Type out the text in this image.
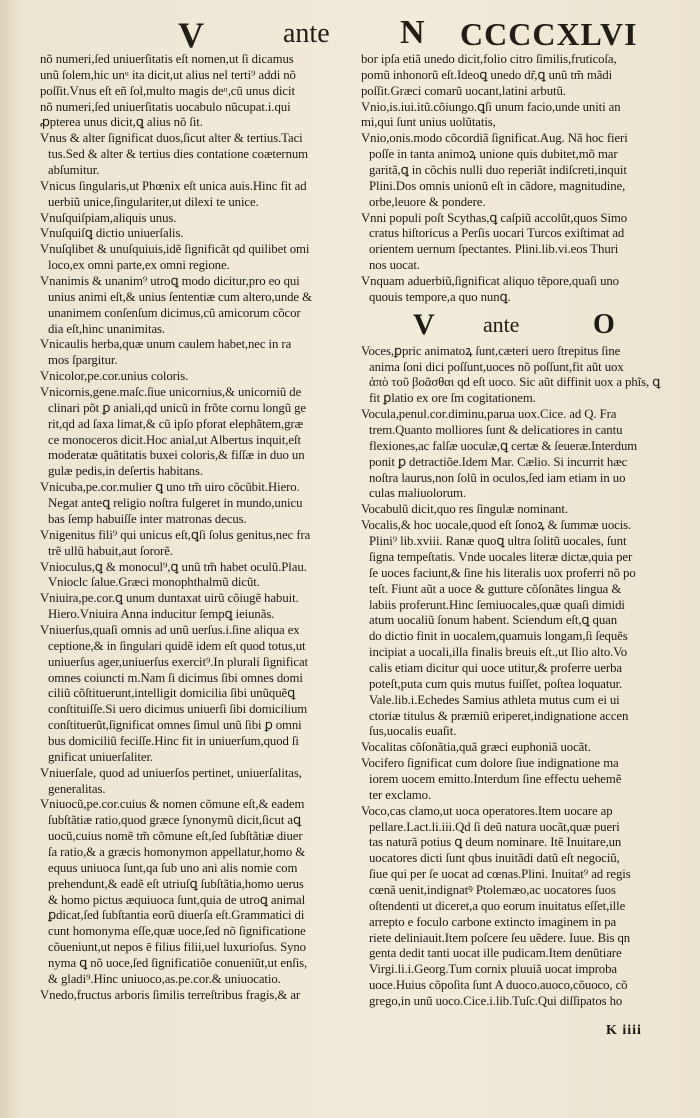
V	ante N CCCCXLVI
nõ numeri,ſed uniuerſitatis eſt nomen,ut ſi dicamus
unũ ſolem,hic unᵘ ita dicit,ut alius nel terti⁹ addi nõ
poſſit.Vnus eſt eñ ſol,multo magis deᵘ,cũ unus dicit
nõ numeri,ſed uniuerſitatis uocabulo nũcupat.i.qui
ꝓpterea unus dicit,ꝗ alius nõ ſit.
Vnus & alter ſignificat duos,ſicut alter & tertius.Taci
tus.Sed & alter & tertius dies contatione coæternum
abſumitur.
Vnicus ſingularis,ut Phœnix eſt unica auis.Hinc fit ad
uerbiũ unice,ſingulariter,ut dilexi te unice.
Vnuſquiſpiam,aliquis unus.
Vnuſquiſꝗ dictio uniuerſalis.
Vnuſqlibet & unuſquiuis,idẽ ſignificãt qd quilibet omi
loco,ex omni parte,ex omni regione.
Vnanimis & unanim⁹ utroꝗ modo dicitur,pro eo qui
unius animi eſt,& unius ſententiæ cum altero,unde &
unanimem conſenſum dicimus,cũ amicorum cõcor
dia eſt,hinc unanimitas.
Vnicaulis herba,quæ unum caulem habet,nec in ra
mos ſpargitur.
Vnicolor,pe.cor.unius coloris.
Vnicornis,gene.maſc.ſiue unicornius,& unicorniũ de
clinari põt ꝑ aniali,qd unicũ in frõte cornu longũ ge
rit,qd ad ſaxa limat,& cũ ipſo pforat elephãtem,græ
ce monoceros dicit.Hoc anial,ut Albertus inquit,eſt
moderatæ quãtitatis buxei coloris,& fiſſæ in duo un
gulæ pedis,in deſertis habitans.
Vnicuba,pe.cor.mulier ꝗ uno tm̃ uiro cõcũbit.Hiero.
Negat anteꝗ religio noſtra fulgeret in mundo,unicu
bas ſemp habuiſſe inter matronas decus.
Vnigenitus fili⁹ qui unicus eſt,ꝗſi ſolus genitus,nec fra
trẽ ullũ habuit,aut ſororẽ.
Vnioculus,ꝗ & monocul⁹,ꝗ unũ tm̃ habet oculũ.Plau.
Vnioclc ſalue.Græci monophthalmũ dicũt.
Vniuira,pe.cor.ꝗ unum duntaxat uirũ cõiugẽ habuit.
Hiero.Vniuira Anna inducitur ſempꝗ ieiunãs.
Vniuerſus,quaſi omnis ad unũ uerſus.i.ſine aliqua ex
ceptione,& in ſingulari quidẽ idem eſt quod totus,ut
uniuerſus ager,uniuerſus exercit⁹.In pluralí ſignificat
omnes coiuncti m.Nam ſi dicimus ſibi omnes domi
ciliũ cõſtituerunt,intelligit domicilia ſibi unũquẽꝗ
conſtituiſſe.Si uero dicimus uniuerſi ſibi domicilium
conſtituerũt,ſignificat omnes ſimul unũ ſibi ꝑ omni
bus domiciliũ feciſſe.Hinc fit in uniuerſum,quod ſi
gnificat uniuerſaliter.
Vniuerſale, quod ad uniuerſos pertinet, uniuerſalitas,
generalitas.
Vniuocũ,pe.cor.cuius & nomen cõmune eſt,& eadem
ſubſtãtiæ ratio,quod græce ſynonymũ dicit,ſicut aꝗ
uocũ,cuius nomẽ tm̃ cõmune eſt,ſed ſubſtãtiæ diuer
ſa ratio,& a græcis homonymon appellatur,homo &
equus uniuoca ſunt,qa ſub uno ani alis nomie com
prehendunt,& eadẽ eſt utriuſꝗ ſubſtãtia,homo uerus
& homo pictus æquiuoca ſunt,quia de utroꝗ animal
ꝑdicat,ſed ſubſtantia eorũ diuerſa eſt.Grammatici di
cunt homonyma eſſe,quæ uoce,ſed nõ ſignificatione
cõueniunt,ut nepos ē filius filii,uel luxurioſus. Syno
nyma ꝗ nõ uoce,ſed ſignificatiõe conueniũt,ut enſis,
& gladi⁹.Hinc uniuoco,as.pe.cor.& uniuocatio.
Vnedo,fructus arboris ſimilis terreſtribus fragis,& ar
bor ipſa etiã unedo dicit,folio citro ſimilis,fruticoſa,
pomũ inhonorũ eſt.Ideoꝗ unedo dr̃,ꝗ unũ tm̃ mãdi
poſſit.Græci comarũ uocant,latini arbutũ.
Vnio,is.iui.itũ.cõiungo.ꝗſi unum facio,unde uniti an
mi,qui ſunt unius uolũtatis,
Vnio,onis.modo cõcordiã ſignificat.Aug. Nã hoc fieri
poſſe in tanta animoꝝ unione quis dubitet,mõ mar
garitã,ꝗ in cõchis nulli duo reperiãt indiſcreti,inquit
Plini.Dos omnis unionũ eſt in cãdore, magnitudine,
orbe,leuore & pondere.
Vnni populi poſt Scythas,ꝗ caſpiũ accolũt,quos Simo
cratus hiſtoricus a Perſis uocari Turcos exiſtimat ad
orientem uernum ſpectantes. Plini.lib.vi.eos Thuri
nos uocat.
Vnquam aduerbiũ,ſignificat aliquo tẽpore,quaſi uno
quouis tempore,a quo nunꝗ.
V	ante	O
Voces,ꝑpric animatoꝝ ſunt,cæteri uero ſtrepitus ſine
anima ſoni dici poſſunt,uoces nõ poſſunt,fit aũt uox
ἀπὸ τοῦ βοᾶσθαι qd eſt uoco. Sic aũt diffinit uox a phĩs, ꝗ
fit ꝑlatio ex ore ſm cogitationem.
Vocula,penul.cor.diminu,parua uox.Cice. ad Q. Fra
trem.Quanto molliores ſunt & delicatiores in cantu
flexiones,ac falſæ uoculæ,ꝗ certæ & ſeueræ.Interdum
ponit ꝑ detractiõe.Idem Mar. Cælio. Si incurrit hæc
noſtra laurus,non ſolũ in oculos,ſed iam etiam in uo
culas maliuolorum.
Vocabulũ dicit,quo res ſingulæ nominant.
Vocalis,& hoc uocale,quod eſt ſonoꝝ & ſummæ uocis.
Plini⁹ lib.xviii. Ranæ quoꝗ ultra ſolitũ uocales, ſunt
ſigna tempeſtatis. Vnde uocales literæ dictæ,quia per
ſe uoces faciunt,& ſine his literalis uox proferri nõ po
teſt. Fiunt aũt a uoce & gutture cõſonãtes lingua &
labiis proferunt.Hinc ſemiuocales,quæ quaſi dimidi
atum uocaliũ ſonum habent. Sciendum eſt,ꝗ quan
do dictio finit in uocalem,quamuis longam,ſi ſequẽs
incipiat a uocali,illa finalis breuis eſt.,ut Ilio alto.Vo
calis etiam dicitur qui uoce utitur,& proferre uerba
poteſt,puta cum quis mutus fuiſſet, poſtea loquatur.
Vale.lib.i.Echedes Samius athleta mutus cum ei ui
ctoriæ titulus & præmiũ eriperet,indignatione accen
ſus,uocalis euaſit.
Vocalitas cõſonãtia,quã græci euphoniã uocãt.
Vocifero ſignificat cum dolore ſiue indignatione ma
iorem uocem emitto.Interdum ſine effectu uehemẽ
ter exclamo.
Voco,cas clamo,ut uoca operatores.Item uocare ap
pellare.Lact.li.iii.Qd ſi deũ natura uocãt,quæ pueri
tas naturã potius ꝗ deum nominare. Itẽ Inuitare,un
uocatores dicti ſunt qbus inuitãdi datũ eſt negociũ,
ſiue qui per ſe uocat ad cœnas.Plini. Inuitat⁹ ad regis
cœnã uenit,indignatꝰ Ptolemæo,ac uocatores ſuos
oſtendenti ut diceret,a quo eorum inuitatus eſſet,ille
arrepto e foculo carbone extincto imaginem in pa
riete deliniauit.Item poſcere ſeu uẽdere. Iuue. Bis qn
genta dedit tanti uocat ille pudicam.Item denũtiare
Virgi.li.i.Georg.Tum cornix pluuiã uocat improba
uoce.Huius cõpoſita ſunt A duoco.auoco,cõuoco, cõ
grego,in unũ uoco.Cice.i.lib.Tuſc.Qui diſſipatos ho
K iiii
